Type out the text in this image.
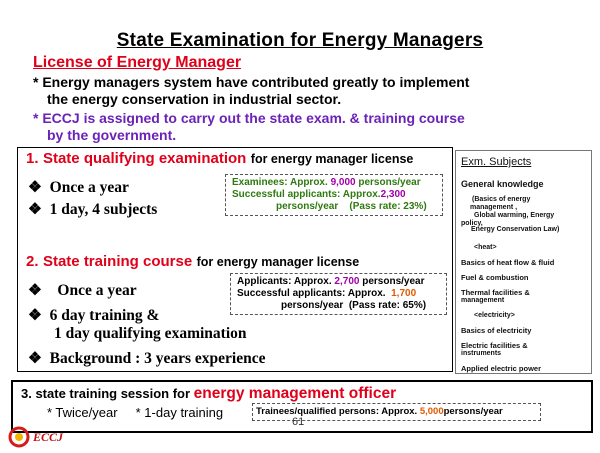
State Examination for Energy Managers
License of Energy Manager
* Energy managers system have contributed greatly to implement
the energy conservation in industrial sector.
* ECCJ is assigned to carry out the state exam. & training course
by the government.
1. State qualifying examination for energy manager license
❖ Once a year
❖ 1 day, 4 subjects
Examinees: Approx. 9,000 persons/year
Successful applicants: Approx.2,300
persons/year (Pass rate: 23%)
2. State training course for energy manager license
❖ Once a year
❖ 6 day training &
1 day qualifying examination
❖ Background : 3 years experience
Applicants: Approx. 2,700 persons/year
Successful applicants: Approx. 1,700
persons/year (Pass rate: 65%)
Exm. Subjects
General knowledge
(Basics of energy
management ,
Global warming, Energy
policy,
Energy Conservation Law)
<heat>
Basics of heat flow & fluid
Fuel & combustion
Thermal facilities &
management
<electricity>
Basics of electricity
Electric facilities &
instruments
Applied electric power
3. state training session for energy management officer
* Twice/year * 1-day training	Trainees/qualified persons: Approx. 5,000persons/year
61
ECCJ
